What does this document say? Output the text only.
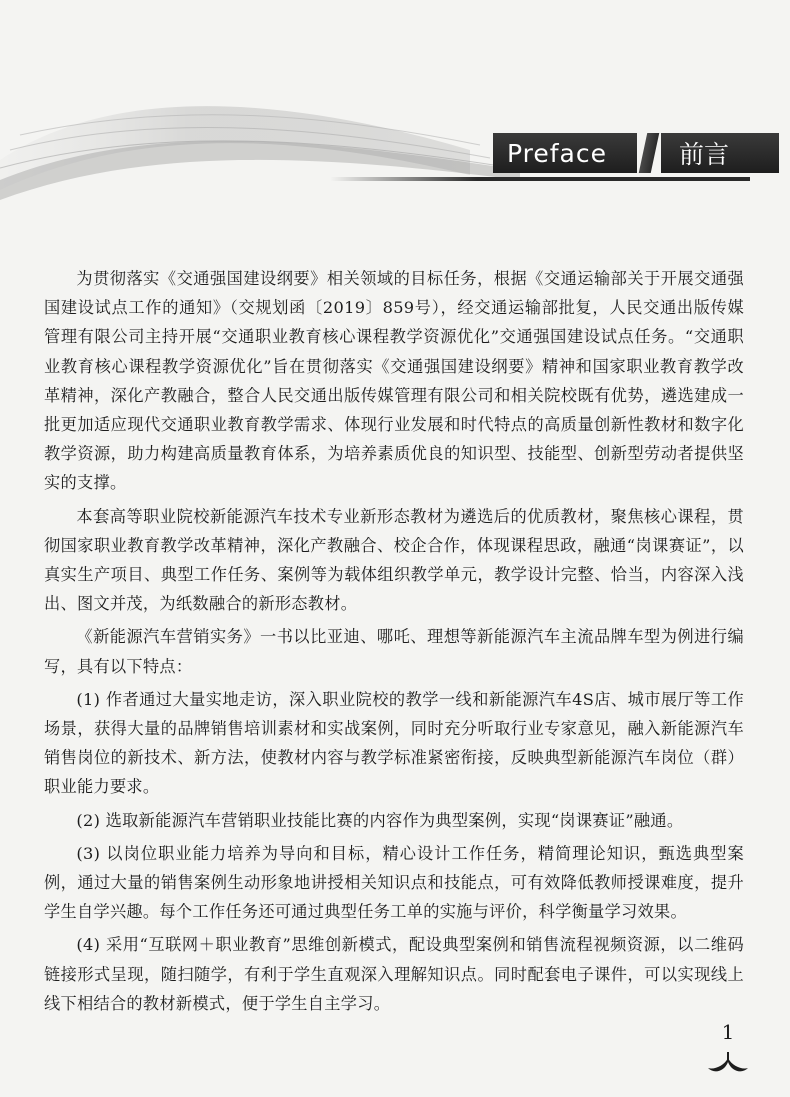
Preface	前言

为贯彻落实《交通强国建设纲要》相关领域的目标任务，根据《交通运输部关于开展交通强国建设试点工作的通知》（交规划函〔2019〕859号），经交通运输部批复，人民交通出版传媒管理有限公司主持开展“交通职业教育核心课程教学资源优化”交通强国建设试点任务。“交通职业教育核心课程教学资源优化”旨在贯彻落实《交通强国建设纲要》精神和国家职业教育教学改革精神，深化产教融合，整合人民交通出版传媒管理有限公司和相关院校既有优势，遴选建成一批更加适应现代交通职业教育教学需求、体现行业发展和时代特点的高质量创新性教材和数字化教学资源，助力构建高质量教育体系，为培养素质优良的知识型、技能型、创新型劳动者提供坚实的支撑。

本套高等职业院校新能源汽车技术专业新形态教材为遴选后的优质教材，聚焦核心课程，贯彻国家职业教育教学改革精神，深化产教融合、校企合作，体现课程思政，融通“岗课赛证”，以真实生产项目、典型工作任务、案例等为载体组织教学单元，教学设计完整、恰当，内容深入浅出、图文并茂，为纸数融合的新形态教材。

《新能源汽车营销实务》一书以比亚迪、哪吒、理想等新能源汽车主流品牌车型为例进行编写，具有以下特点：

(1) 作者通过大量实地走访，深入职业院校的教学一线和新能源汽车4S店、城市展厅等工作场景，获得大量的品牌销售培训素材和实战案例，同时充分听取行业专家意见，融入新能源汽车销售岗位的新技术、新方法，使教材内容与教学标准紧密衔接，反映典型新能源汽车岗位（群）职业能力要求。

(2) 选取新能源汽车营销职业技能比赛的内容作为典型案例，实现“岗课赛证”融通。

(3) 以岗位职业能力培养为导向和目标，精心设计工作任务，精简理论知识，甄选典型案例，通过大量的销售案例生动形象地讲授相关知识点和技能点，可有效降低教师授课难度，提升学生自学兴趣。每个工作任务还可通过典型任务工单的实施与评价，科学衡量学习效果。

(4) 采用“互联网＋职业教育”思维创新模式，配设典型案例和销售流程视频资源，以二维码链接形式呈现，随扫随学，有利于学生直观深入理解知识点。同时配套电子课件，可以实现线上线下相结合的教材新模式，便于学生自主学习。

1
